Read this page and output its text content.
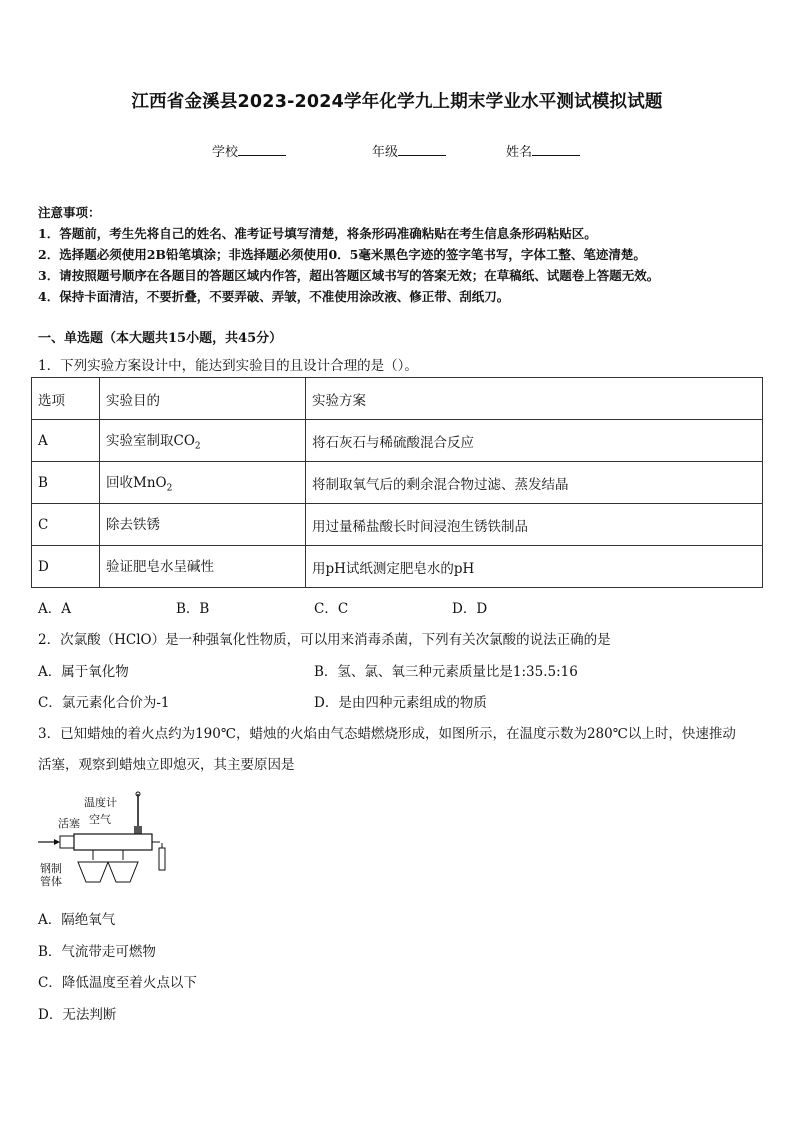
江西省金溪县2023-2024学年化学九上期末学业水平测试模拟试题
学校	年级	姓名
注意事项：
1．答题前，考生先将自己的姓名、准考证号填写清楚，将条形码准确粘贴在考生信息条形码粘贴区。
2．选择题必须使用2B铅笔填涂；非选择题必须使用0．5毫米黑色字迹的签字笔书写，字体工整、笔迹清楚。
3．请按照题号顺序在各题目的答题区域内作答，超出答题区域书写的答案无效；在草稿纸、试题卷上答题无效。
4．保持卡面清洁，不要折叠，不要弄破、弄皱，不准使用涂改液、修正带、刮纸刀。
一、单选题（本大题共15小题，共45分）
1．下列实验方案设计中，能达到实验目的且设计合理的是（）。
选项	实验目的	实验方案
A	实验室制取$CO_2$	将石灰石与稀硫酸混合反应
B	回收MnO$_2$	将制取氧气后的剩余混合物过滤、蒸发结晶
C	除去铁锈	用过量稀盐酸长时间浸泡生锈铁制品
D	验证肥皂水呈碱性	用pH试纸测定肥皂水的pH
A．A	B．B	C．C	D．D
2．次氯酸（HClO）是一种强氧化性物质，可以用来消毒杀菌，下列有关次氯酸的说法正确的是
A．属于氧化物	B．氢、氯、氧三种元素质量比是1:35.5:16
C．氯元素化合价为-1	D．是由四种元素组成的物质
3．已知蜡烛的着火点约为190℃，蜡烛的火焰由气态蜡燃烧形成，如图所示，在温度示数为280℃以上时，快速推动
活塞，观察到蜡烛立即熄灭，其主要原因是
温度计
活塞 空气
钢制
管体
A．隔绝氧气
B．气流带走可燃物
C．降低温度至着火点以下
D．无法判断
